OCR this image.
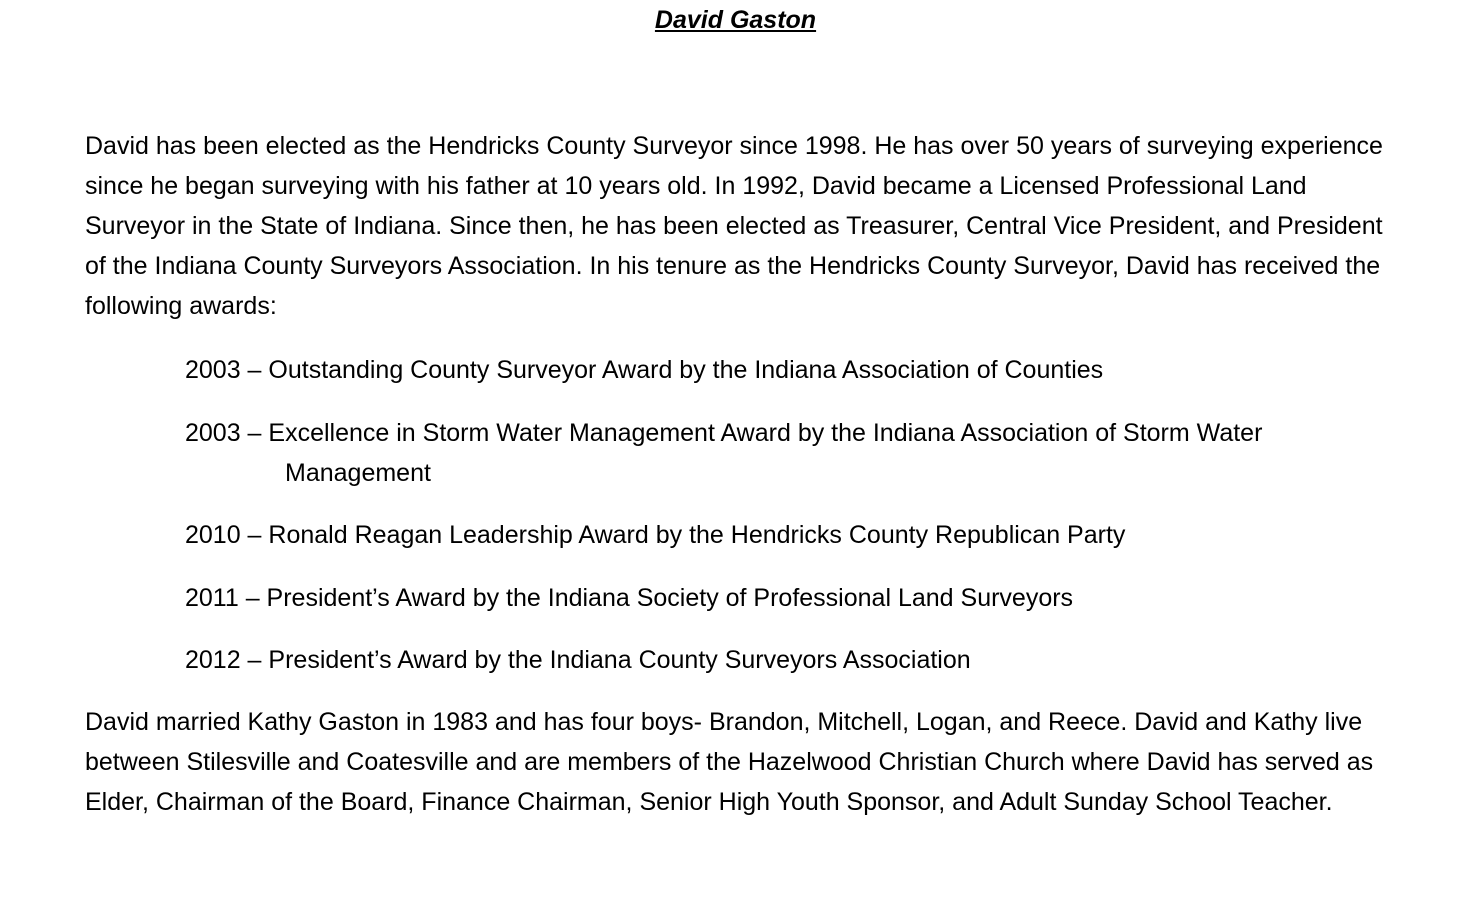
David Gaston

David has been elected as the Hendricks County Surveyor since 1998. He has over 50 years of surveying experience since he began surveying with his father at 10 years old. In 1992, David became a Licensed Professional Land Surveyor in the State of Indiana. Since then, he has been elected as Treasurer, Central Vice President, and President of the Indiana County Surveyors Association. In his tenure as the Hendricks County Surveyor, David has received the following awards:

2003 – Outstanding County Surveyor Award by the Indiana Association of Counties
2003 – Excellence in Storm Water Management Award by the Indiana Association of Storm Water Management
2010 – Ronald Reagan Leadership Award by the Hendricks County Republican Party
2011 – President’s Award by the Indiana Society of Professional Land Surveyors
2012 – President’s Award by the Indiana County Surveyors Association

David married Kathy Gaston in 1983 and has four boys- Brandon, Mitchell, Logan, and Reece. David and Kathy live between Stilesville and Coatesville and are members of the Hazelwood Christian Church where David has served as Elder, Chairman of the Board, Finance Chairman, Senior High Youth Sponsor, and Adult Sunday School Teacher.
